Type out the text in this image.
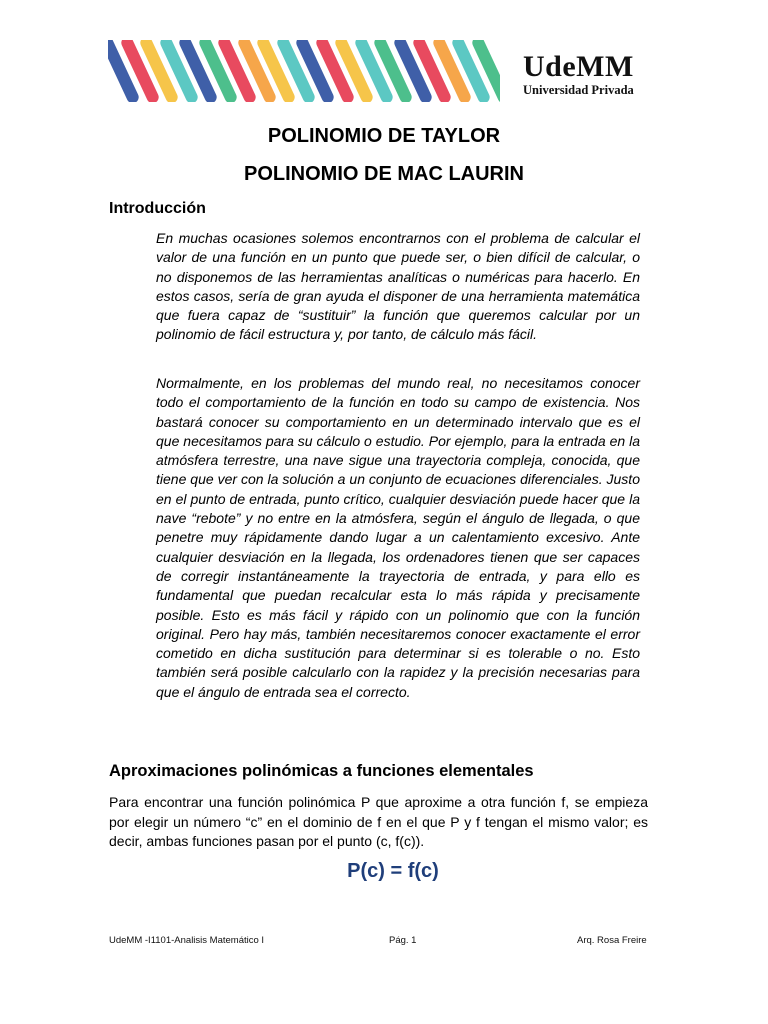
UdeMM
Universidad Privada
POLINOMIO DE TAYLOR
POLINOMIO DE MAC LAURIN
Introducción

En muchas ocasiones solemos encontrarnos con el problema de calcular el valor de una función en un punto que puede ser, o bien difícil de calcular, o no disponemos de las herramientas analíticas o numéricas para hacerlo. En estos casos, sería de gran ayuda el disponer de una herramienta matemática que fuera capaz de “sustituir” la función que queremos calcular por un polinomio de fácil estructura y, por tanto, de cálculo más fácil.

Normalmente, en los problemas del mundo real, no necesitamos conocer todo el comportamiento de la función en todo su campo de existencia. Nos bastará conocer su comportamiento en un determinado intervalo que es el que necesitamos para su cálculo o estudio. Por ejemplo, para la entrada en la atmósfera terrestre, una nave sigue una trayectoria compleja, conocida, que tiene que ver con la solución a un conjunto de ecuaciones diferenciales. Justo en el punto de entrada, punto crítico, cualquier desviación puede hacer que la nave “rebote” y no entre en la atmósfera, según el ángulo de llegada, o que penetre muy rápidamente dando lugar a un calentamiento excesivo. Ante cualquier desviación en la llegada, los ordenadores tienen que ser capaces de corregir instantáneamente la trayectoria de entrada, y para ello es fundamental que puedan recalcular esta lo más rápida y precisamente posible. Esto es más fácil y rápido con un polinomio que con la función original. Pero hay más, también necesitaremos conocer exactamente el error cometido en dicha sustitución para determinar si es tolerable o no. Esto también será posible calcularlo con la rapidez y la precisión necesarias para que el ángulo de entrada sea el correcto.

Aproximaciones polinómicas a funciones elementales

Para encontrar una función polinómica P que aproxime a otra función f, se empieza por elegir un número “c” en el dominio de f en el que P y f tengan el mismo valor; es decir, ambas funciones pasan por el punto (c, f(c)).

P(c) = f(c)
UdeMM -I1101-Analisis Matemático I	Pág. 1	Arq. Rosa Freire
